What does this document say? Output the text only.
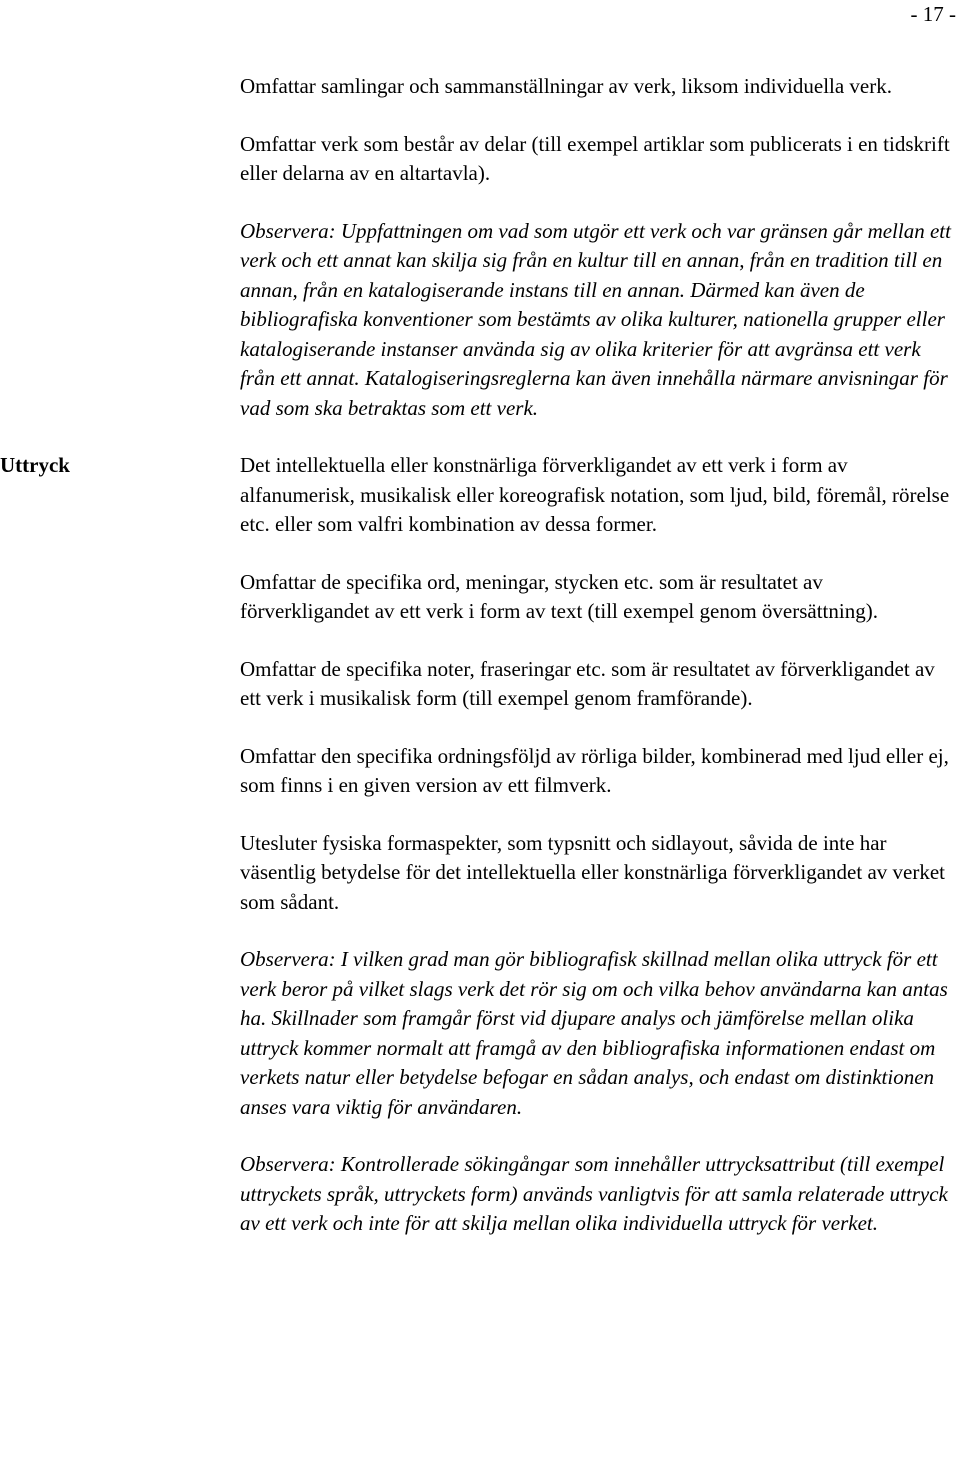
- 17 -

Omfattar samlingar och sammanställningar av verk, liksom individuella verk.

Omfattar verk som består av delar (till exempel artiklar som publicerats i en tidskrift eller delarna av en altartavla).

Observera: Uppfattningen om vad som utgör ett verk och var gränsen går mellan ett verk och ett annat kan skilja sig från en kultur till en annan, från en tradition till en annan, från en katalogiserande instans till en annan. Därmed kan även de bibliografiska konventioner som bestämts av olika kulturer, nationella grupper eller katalogiserande instanser använda sig av olika kriterier för att avgränsa ett verk från ett annat. Katalogiseringsreglerna kan även innehålla närmare anvisningar för vad som ska betraktas som ett verk.

Uttryck	Det intellektuella eller konstnärliga förverkligandet av ett verk i form av alfanumerisk, musikalisk eller koreografisk notation, som ljud, bild, föremål, rörelse etc. eller som valfri kombination av dessa former.

Omfattar de specifika ord, meningar, stycken etc. som är resultatet av förverkligandet av ett verk i form av text (till exempel genom översättning).

Omfattar de specifika noter, fraseringar etc. som är resultatet av förverkligandet av ett verk i musikalisk form (till exempel genom framförande).

Omfattar den specifika ordningsföljd av rörliga bilder, kombinerad med ljud eller ej, som finns i en given version av ett filmverk.

Utesluter fysiska formaspekter, som typsnitt och sidlayout, såvida de inte har väsentlig betydelse för det intellektuella eller konstnärliga förverkligandet av verket som sådant.

Observera: I vilken grad man gör bibliografisk skillnad mellan olika uttryck för ett verk beror på vilket slags verk det rör sig om och vilka behov användarna kan antas ha. Skillnader som framgår först vid djupare analys och jämförelse mellan olika uttryck kommer normalt att framgå av den bibliografiska informationen endast om verkets natur eller betydelse befogar en sådan analys, och endast om distinktionen anses vara viktig för användaren.

Observera: Kontrollerade sökingångar som innehåller uttrycksattribut (till exempel uttryckets språk, uttryckets form) används vanligtvis för att samla relaterade uttryck av ett verk och inte för att skilja mellan olika individuella uttryck för verket.
